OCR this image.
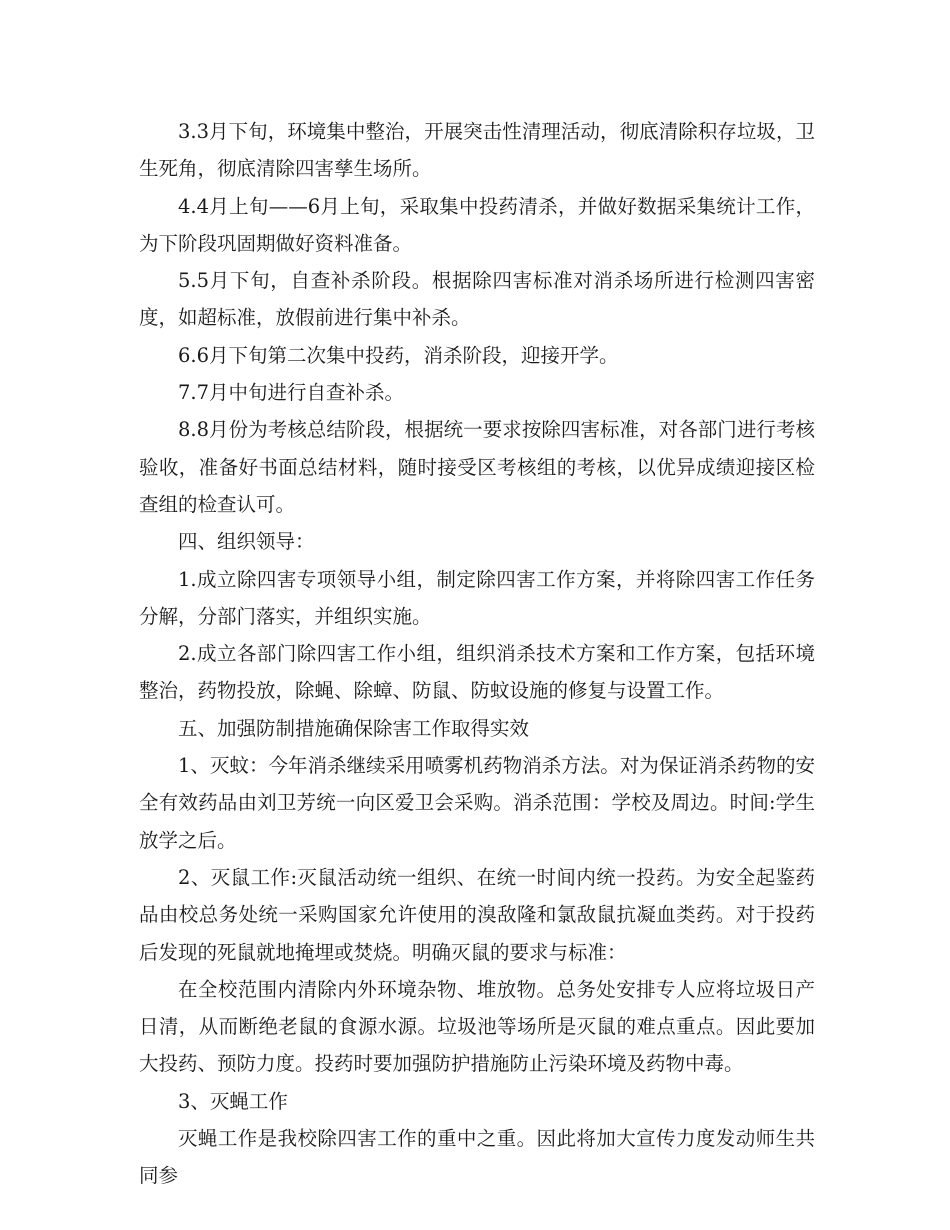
3.3月下旬，环境集中整治，开展突击性清理活动，彻底清除积存垃圾，卫生死角，彻底清除四害孳生场所。

4.4月上旬——6月上旬，采取集中投药清杀，并做好数据采集统计工作，为下阶段巩固期做好资料准备。

5.5月下旬，自查补杀阶段。根据除四害标准对消杀场所进行检测四害密度，如超标准，放假前进行集中补杀。

6.6月下旬第二次集中投药，消杀阶段，迎接开学。

7.7月中旬进行自查补杀。

8.8月份为考核总结阶段，根据统一要求按除四害标准，对各部门进行考核验收，准备好书面总结材料，随时接受区考核组的考核，以优异成绩迎接区检查组的检查认可。

四、组织领导：

1.成立除四害专项领导小组，制定除四害工作方案，并将除四害工作任务分解，分部门落实，并组织实施。

2.成立各部门除四害工作小组，组织消杀技术方案和工作方案，包括环境整治，药物投放，除蝇、除蟑、防鼠、防蚊设施的修复与设置工作。

五、加强防制措施确保除害工作取得实效

1、灭蚊：今年消杀继续采用喷雾机药物消杀方法。对为保证消杀药物的安全有效药品由刘卫芳统一向区爱卫会采购。消杀范围：学校及周边。时间:学生放学之后。

2、灭鼠工作:灭鼠活动统一组织、在统一时间内统一投药。为安全起鉴药品由校总务处统一采购国家允许使用的溴敌隆和氯敌鼠抗凝血类药。对于投药后发现的死鼠就地掩埋或焚烧。明确灭鼠的要求与标准：

在全校范围内清除内外环境杂物、堆放物。总务处安排专人应将垃圾日产日清，从而断绝老鼠的食源水源。垃圾池等场所是灭鼠的难点重点。因此要加大投药、预防力度。投药时要加强防护措施防止污染环境及药物中毒。

3、灭蝇工作

灭蝇工作是我校除四害工作的重中之重。因此将加大宣传力度发动师生共同参
